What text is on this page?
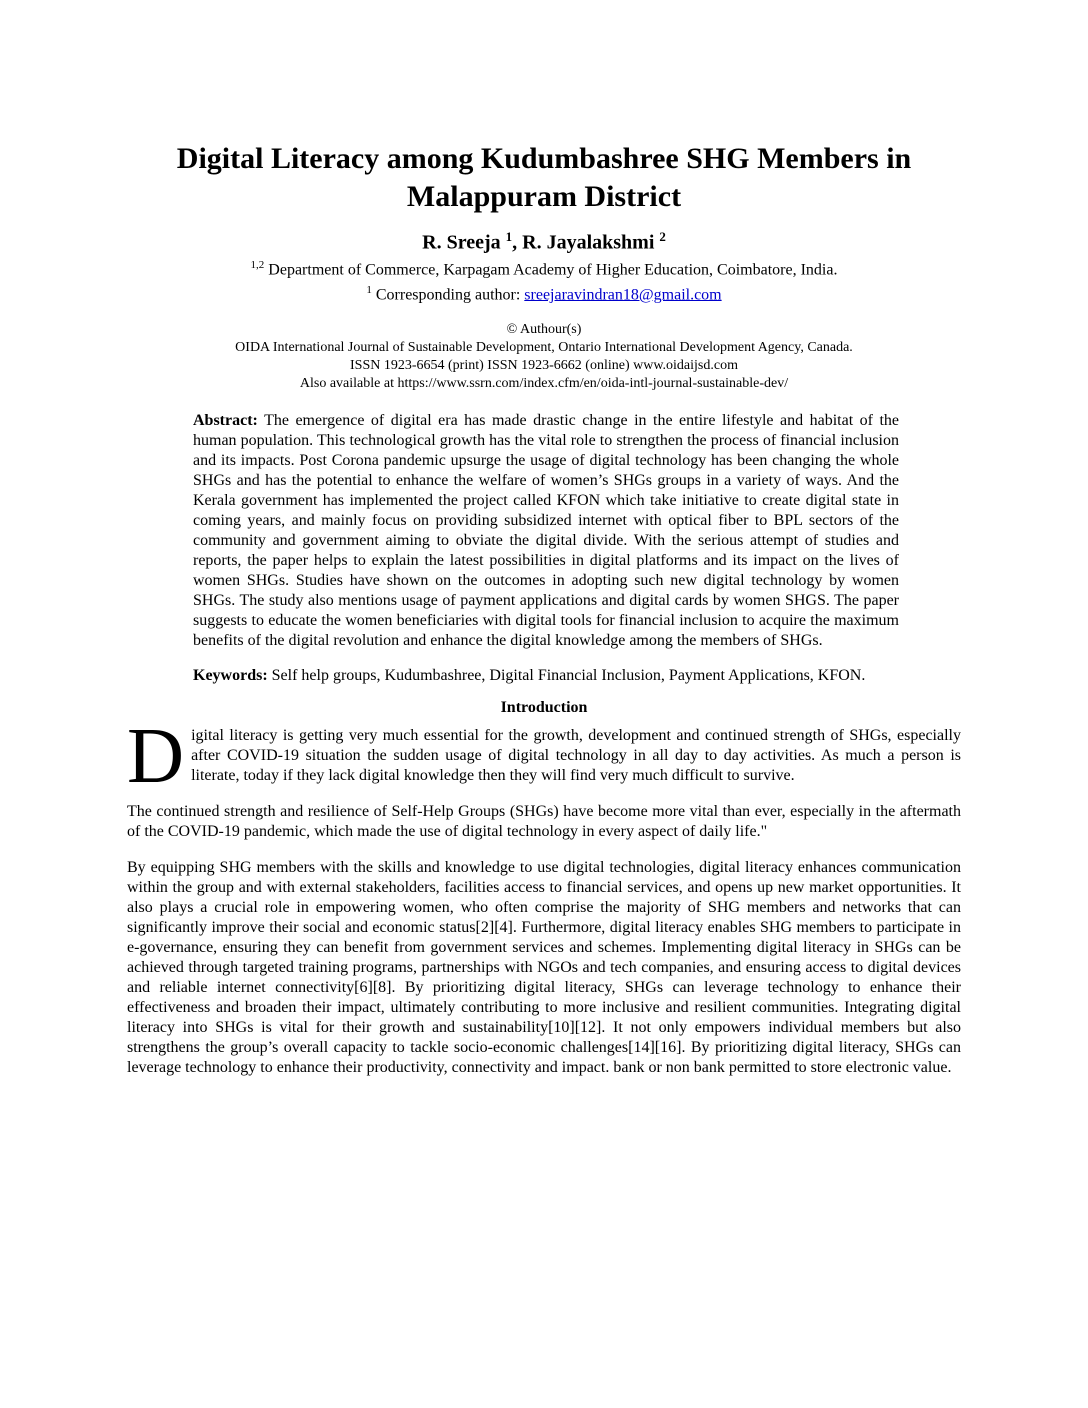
Digital Literacy among Kudumbashree SHG Members in Malappuram District
R. Sreeja $^1$, R. Jayalakshmi $^2$
$^{1,2}$ Department of Commerce, Karpagam Academy of Higher Education, Coimbatore, India.
$^1$ Corresponding author: sreejaravindran18@gmail.com
© Authour(s)
OIDA International Journal of Sustainable Development, Ontario International Development Agency, Canada.
ISSN 1923-6654 (print) ISSN 1923-6662 (online) www.oidaijsd.com
Also available at https://www.ssrn.com/index.cfm/en/oida-intl-journal-sustainable-dev/

Abstract: The emergence of digital era has made drastic change in the entire lifestyle and habitat of the human population. This technological growth has the vital role to strengthen the process of financial inclusion and its impacts. Post Corona pandemic upsurge the usage of digital technology has been changing the whole SHGs and has the potential to enhance the welfare of women’s SHGs groups in a variety of ways. And the Kerala government has implemented the project called KFON which take initiative to create digital state in coming years, and mainly focus on providing subsidized internet with optical fiber to BPL sectors of the community and government aiming to obviate the digital divide. With the serious attempt of studies and reports, the paper helps to explain the latest possibilities in digital platforms and its impact on the lives of women SHGs. Studies have shown on the outcomes in adopting such new digital technology by women SHGs. The study also mentions usage of payment applications and digital cards by women SHGS. The paper suggests to educate the women beneficiaries with digital tools for financial inclusion to acquire the maximum benefits of the digital revolution and enhance the digital knowledge among the members of SHGs.

Keywords: Self help groups, Kudumbashree, Digital Financial Inclusion, Payment Applications, KFON.

Introduction

Digital literacy is getting very much essential for the growth, development and continued strength of SHGs, especially after COVID-19 situation the sudden usage of digital technology in all day to day activities. As much a person is literate, today if they lack digital knowledge then they will find very much difficult to survive.

The continued strength and resilience of Self-Help Groups (SHGs) have become more vital than ever, especially in the aftermath of the COVID-19 pandemic, which made the use of digital technology in every aspect of daily life."

By equipping SHG members with the skills and knowledge to use digital technologies, digital literacy enhances communication within the group and with external stakeholders, facilities access to financial services, and opens up new market opportunities. It also plays a crucial role in empowering women, who often comprise the majority of SHG members and networks that can significantly improve their social and economic status[2][4]. Furthermore, digital literacy enables SHG members to participate in e-governance, ensuring they can benefit from government services and schemes. Implementing digital literacy in SHGs can be achieved through targeted training programs, partnerships with NGOs and tech companies, and ensuring access to digital devices and reliable internet connectivity[6][8]. By prioritizing digital literacy, SHGs can leverage technology to enhance their effectiveness and broaden their impact, ultimately contributing to more inclusive and resilient communities. Integrating digital literacy into SHGs is vital for their growth and sustainability[10][12]. It not only empowers individual members but also strengthens the group’s overall capacity to tackle socio-economic challenges[14][16]. By prioritizing digital literacy, SHGs can leverage technology to enhance their productivity, connectivity and impact. bank or non bank permitted to store electronic value.
